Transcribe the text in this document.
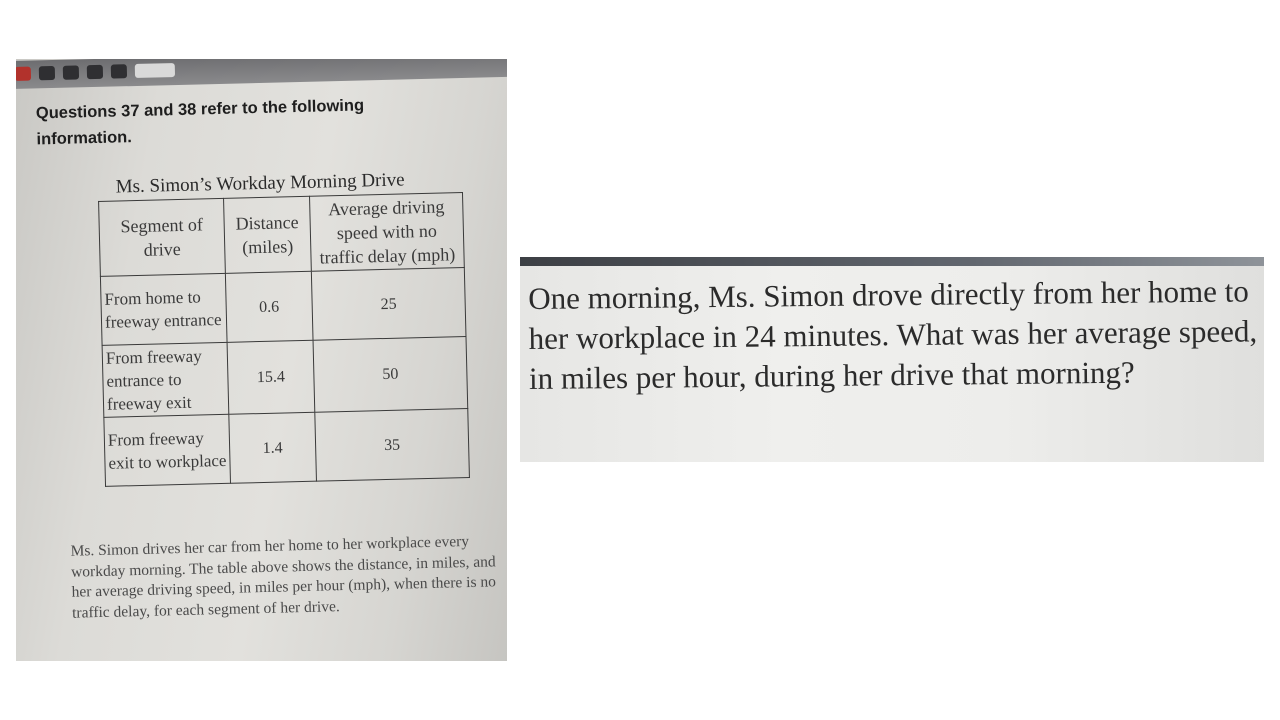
Questions 37 and 38 refer to the following information.
Ms. Simon’s Workday Morning Drive
Segment of drive	Distance (miles)	Average driving speed with no traffic delay (mph)
From home to freeway entrance	0.6	25
From freeway entrance to freeway exit	15.4	50
From freeway exit to workplace	1.4	35
Ms. Simon drives her car from her home to her workplace every workday morning. The table above shows the distance, in miles, and her average driving speed, in miles per hour (mph), when there is no traffic delay, for each segment of her drive.
One morning, Ms. Simon drove directly from her home to her workplace in 24 minutes. What was her average speed, in miles per hour, during her drive that morning?
